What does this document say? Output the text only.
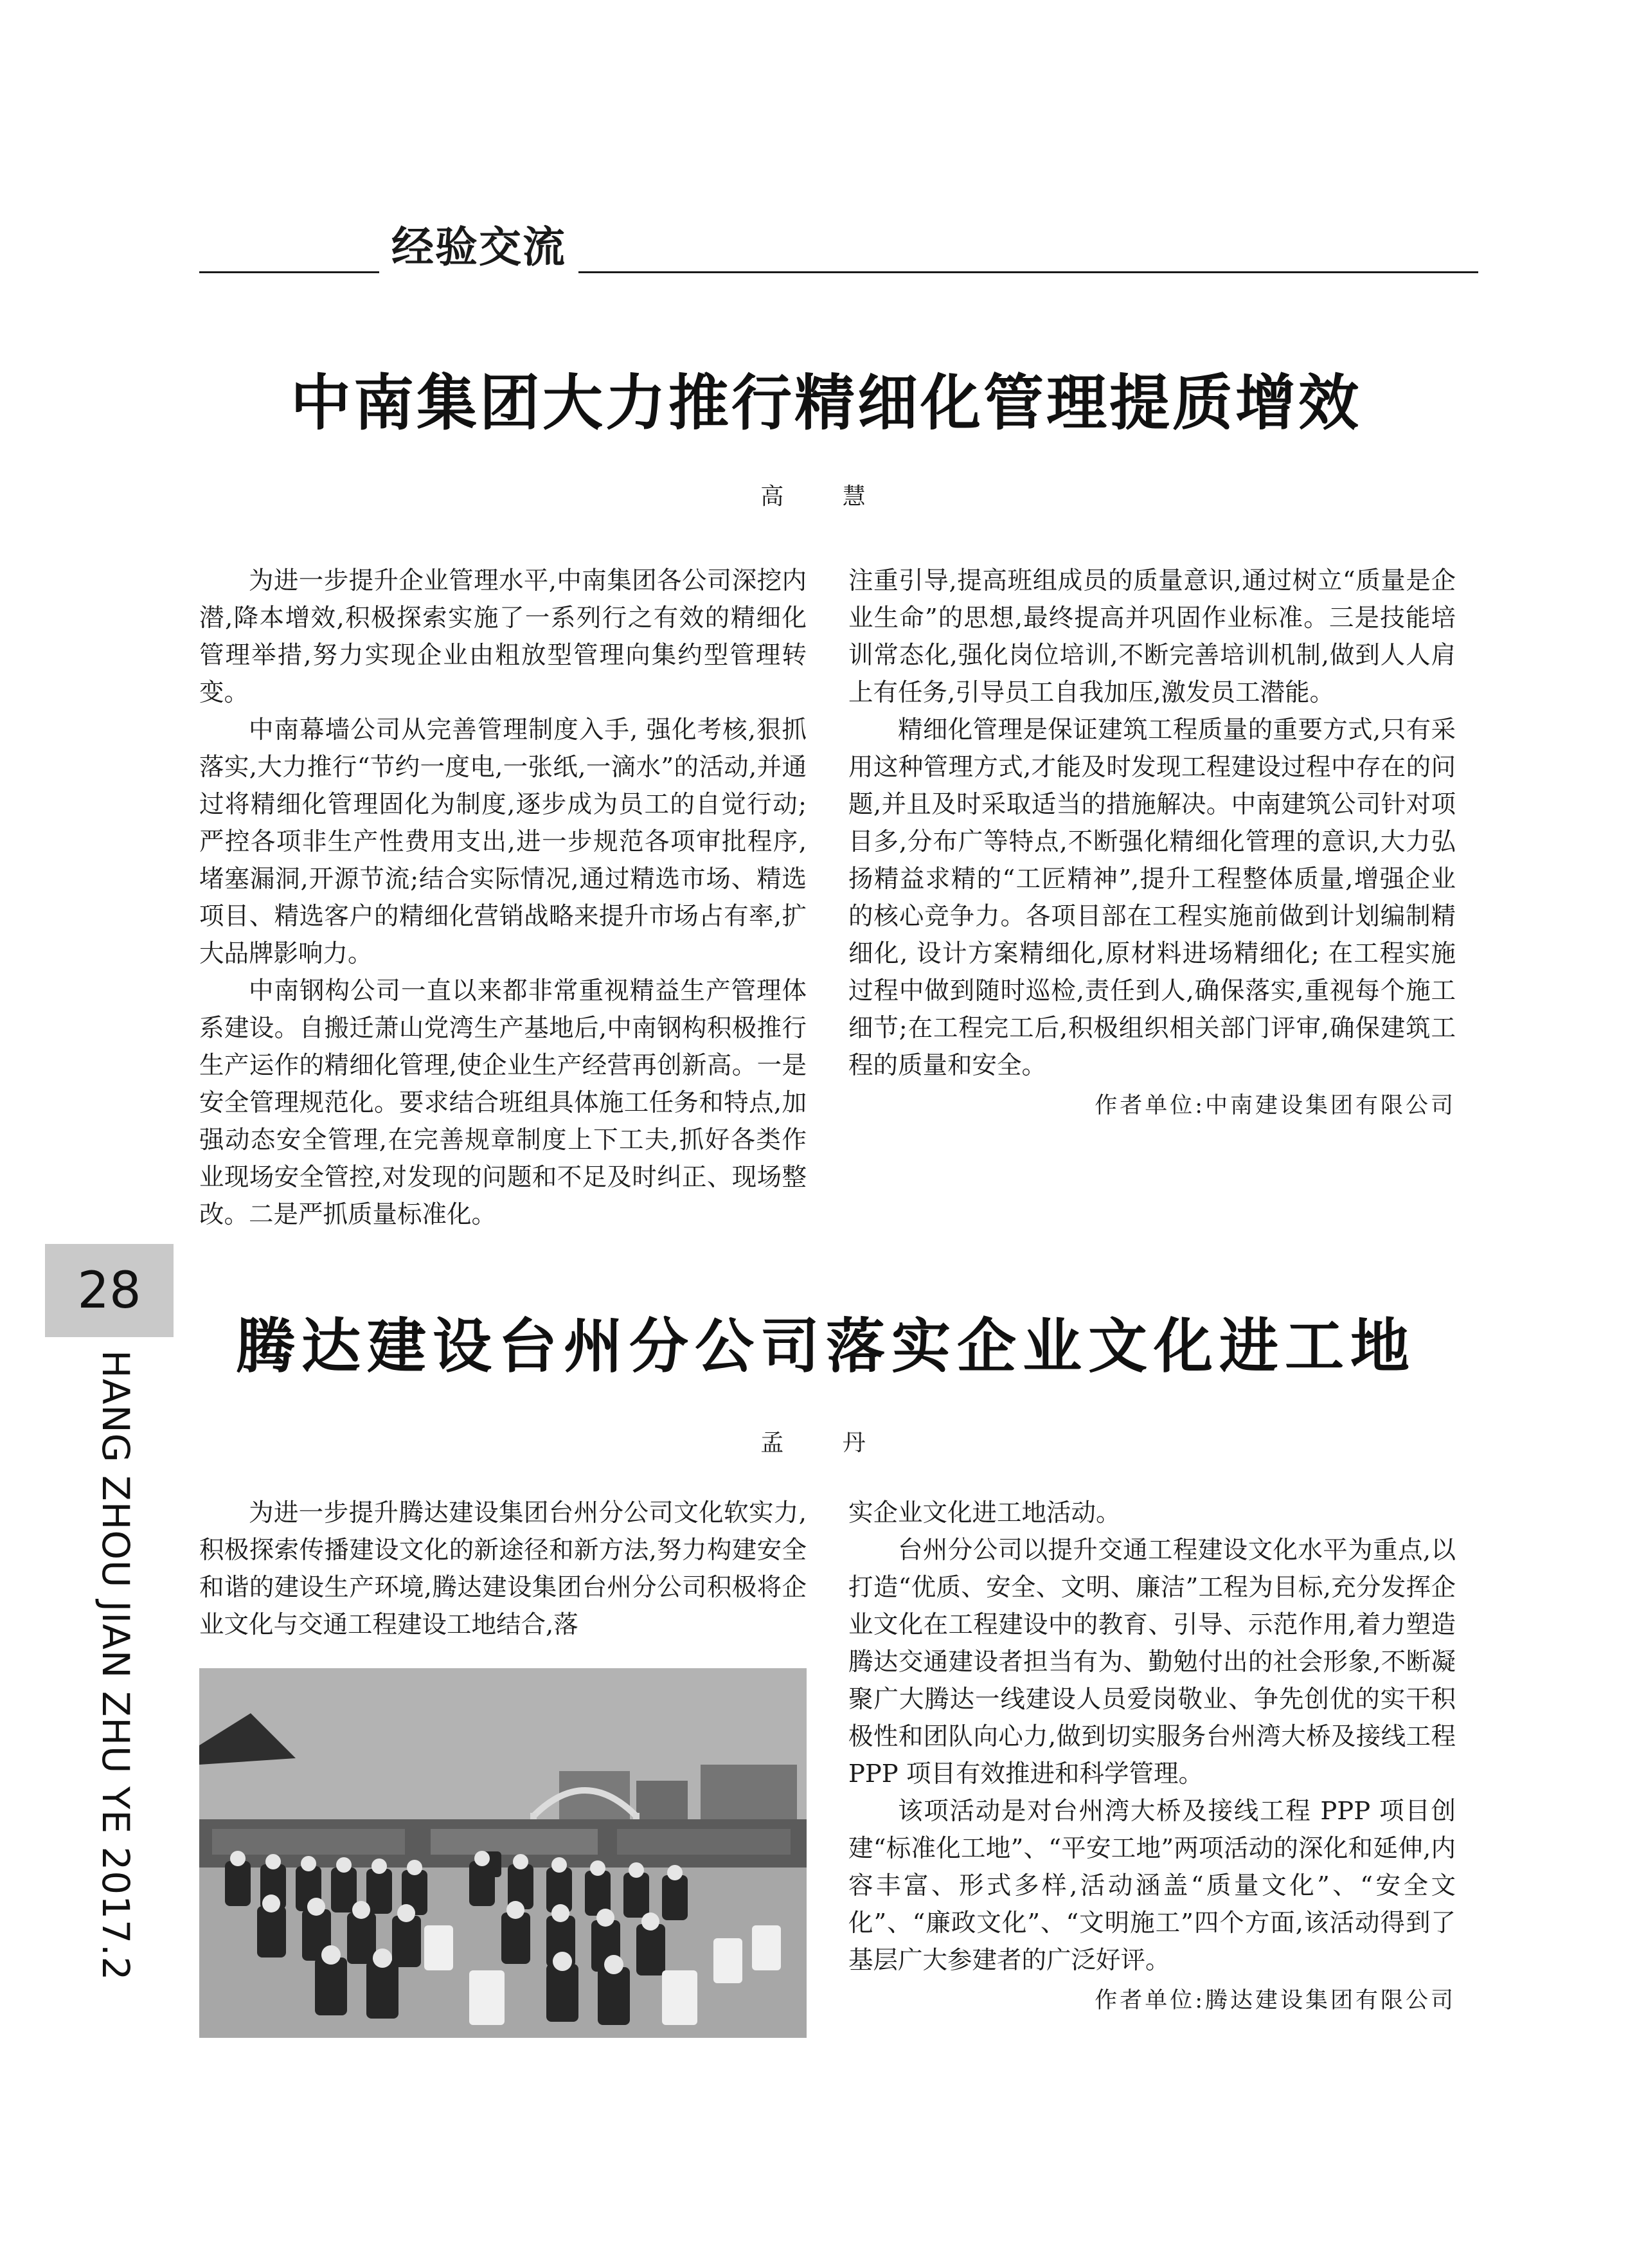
经验交流
中南集团大力推行精细化管理提质增效
高 慧

为进一步提升企业管理水平,中南集团各公司深挖内潜,降本增效,积极探索实施了一系列行之有效的精细化管理举措,努力实现企业由粗放型管理向集约型管理转变。

中南幕墙公司从完善管理制度入手, 强化考核,狠抓落实,大力推行“节约一度电,一张纸,一滴水”的活动,并通过将精细化管理固化为制度,逐步成为员工的自觉行动;严控各项非生产性费用支出,进一步规范各项审批程序,堵塞漏洞,开源节流;结合实际情况,通过精选市场、精选项目、精选客户的精细化营销战略来提升市场占有率,扩大品牌影响力。

中南钢构公司一直以来都非常重视精益生产管理体系建设。自搬迁萧山党湾生产基地后,中南钢构积极推行生产运作的精细化管理,使企业生产经营再创新高。一是安全管理规范化。要求结合班组具体施工任务和特点,加强动态安全管理,在完善规章制度上下工夫,抓好各类作业现场安全管控,对发现的问题和不足及时纠正、现场整改。二是严抓质量标准化。

注重引导,提高班组成员的质量意识,通过树立“质量是企业生命”的思想,最终提高并巩固作业标准。三是技能培训常态化,强化岗位培训,不断完善培训机制,做到人人肩上有任务,引导员工自我加压,激发员工潜能。

精细化管理是保证建筑工程质量的重要方式,只有采用这种管理方式,才能及时发现工程建设过程中存在的问题,并且及时采取适当的措施解决。中南建筑公司针对项目多,分布广等特点,不断强化精细化管理的意识,大力弘扬精益求精的“工匠精神”,提升工程整体质量,增强企业的核心竞争力。各项目部在工程实施前做到计划编制精细化, 设计方案精细化,原材料进场精细化; 在工程实施过程中做到随时巡检,责任到人,确保落实,重视每个施工细节;在工程完工后,积极组织相关部门评审,确保建筑工程的质量和安全。

作者单位:中南建设集团有限公司

28
HANG ZHOU JIAN ZHU YE 2017.2
腾达建设台州分公司落实企业文化进工地
孟 丹

为进一步提升腾达建设集团台州分公司文化软实力, 积极探索传播建设文化的新途径和新方法,努力构建安全和谐的建设生产环境,腾达建设集团台州分公司积极将企业文化与交通工程建设工地结合,落

实企业文化进工地活动。

台州分公司以提升交通工程建设文化水平为重点,以打造“优质、安全、文明、廉洁”工程为目标,充分发挥企业文化在工程建设中的教育、引导、示范作用,着力塑造腾达交通建设者担当有为、勤勉付出的社会形象,不断凝聚广大腾达一线建设人员爱岗敬业、争先创优的实干积极性和团队向心力,做到切实服务台州湾大桥及接线工程 PPP 项目有效推进和科学管理。

该项活动是对台州湾大桥及接线工程 PPP 项目创建“标准化工地”、“平安工地”两项活动的深化和延伸,内容丰富、形式多样,活动涵盖“质量文化”、“安全文化”、“廉政文化”、“文明施工”四个方面,该活动得到了基层广大参建者的广泛好评。

作者单位:腾达建设集团有限公司
